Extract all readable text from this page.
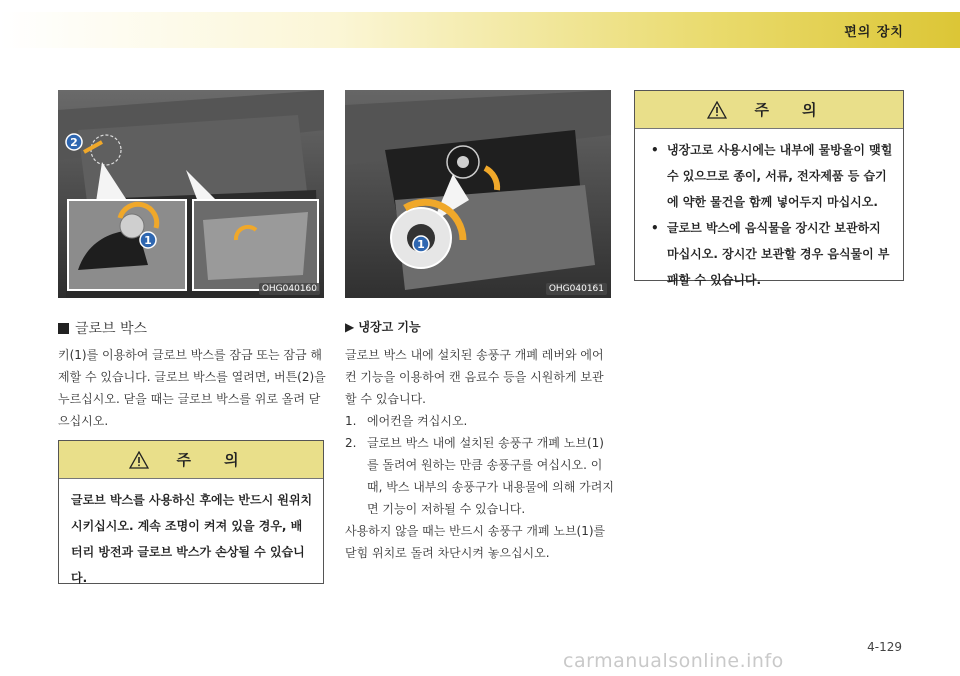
편의 장치
1
2
OHG040160
1
OHG040161
글로브 박스
키(1)를 이용하여 글로브 박스를 잠금 또는 잠금 해제할 수 있습니다. 글로브 박스를 열려면, 버튼(2)을 누르십시오. 닫을 때는 글로브 박스를 위로 올려 닫으십시오.
주 의
글로브 박스를 사용하신 후에는 반드시 원위치 시키십시오. 계속 조명이 켜져 있을 경우, 배터리 방전과 글로브 박스가 손상될 수 있습니다.
▶ 냉장고 기능
글로브 박스 내에 설치된 송풍구 개폐 레버와 에어컨 기능을 이용하여 캔 음료수 등을 시원하게 보관할 수 있습니다.
1. 에어컨을 켜십시오.
2. 글로브 박스 내에 설치된 송풍구 개폐 노브(1)를 돌려여 원하는 만큼 송풍구를 여십시오. 이때, 박스 내부의 송풍구가 내용물에 의해 가려지면 기능이 저하될 수 있습니다.
사용하지 않을 때는 반드시 송풍구 개폐 노브(1)를 닫힘 위치로 돌려 차단시켜 놓으십시오.
주 의
• 냉장고로 사용시에는 내부에 물방울이 맺힐 수 있으므로 종이, 서류, 전자제품 등 습기에 약한 물건을 함께 넣어두지 마십시오.
• 글로브 박스에 음식물을 장시간 보관하지 마십시오. 장시간 보관할 경우 음식물이 부패할 수 있습니다.
4-129
carmanualsonline.info
